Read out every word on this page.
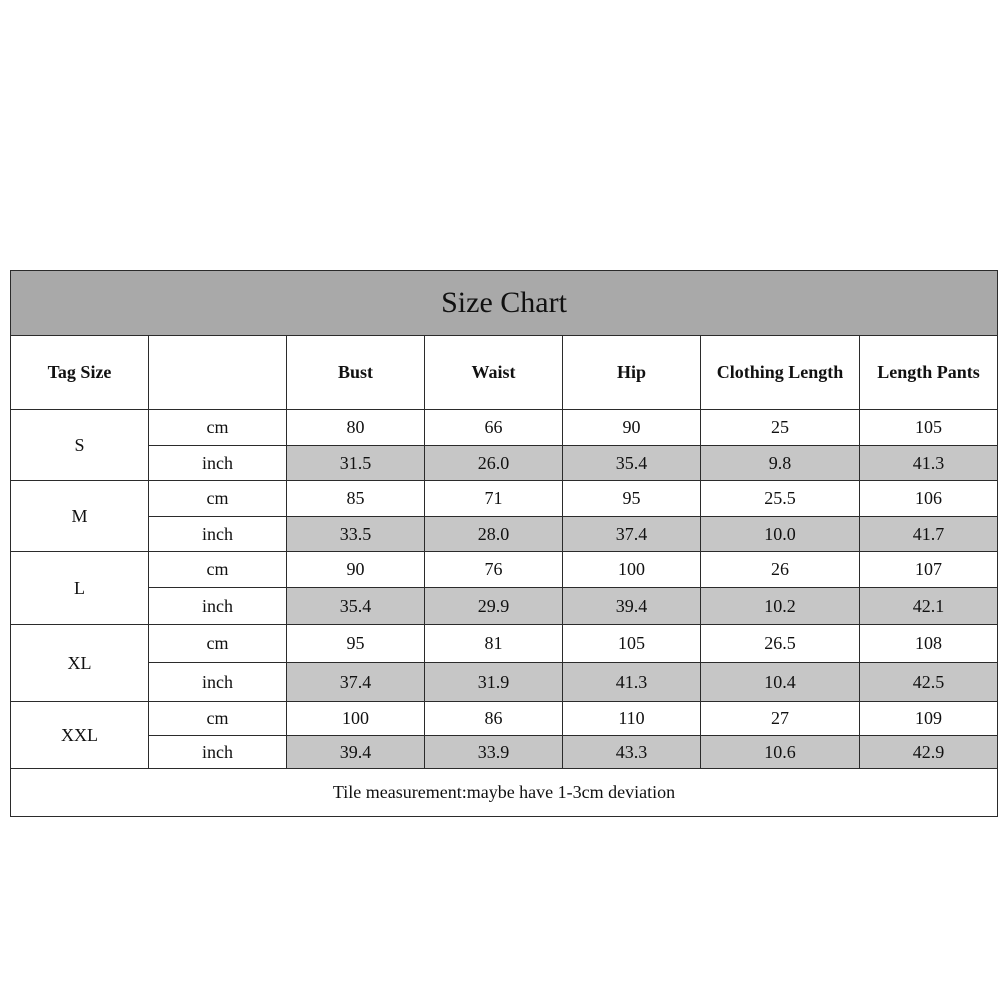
Size Chart						
Tag Size		Bust	Waist	Hip	Clothing Length	Length Pants
S	cm	80	66	90	25	105
	inch	31.5	26.0	35.4	9.8	41.3
M	cm	85	71	95	25.5	106
	inch	33.5	28.0	37.4	10.0	41.7
L	cm	90	76	100	26	107
	inch	35.4	29.9	39.4	10.2	42.1
XL	cm	95	81	105	26.5	108
	inch	37.4	31.9	41.3	10.4	42.5
XXL	cm	100	86	110	27	109
	inch	39.4	33.9	43.3	10.6	42.9
Tile measurement:maybe have 1-3cm deviation						
